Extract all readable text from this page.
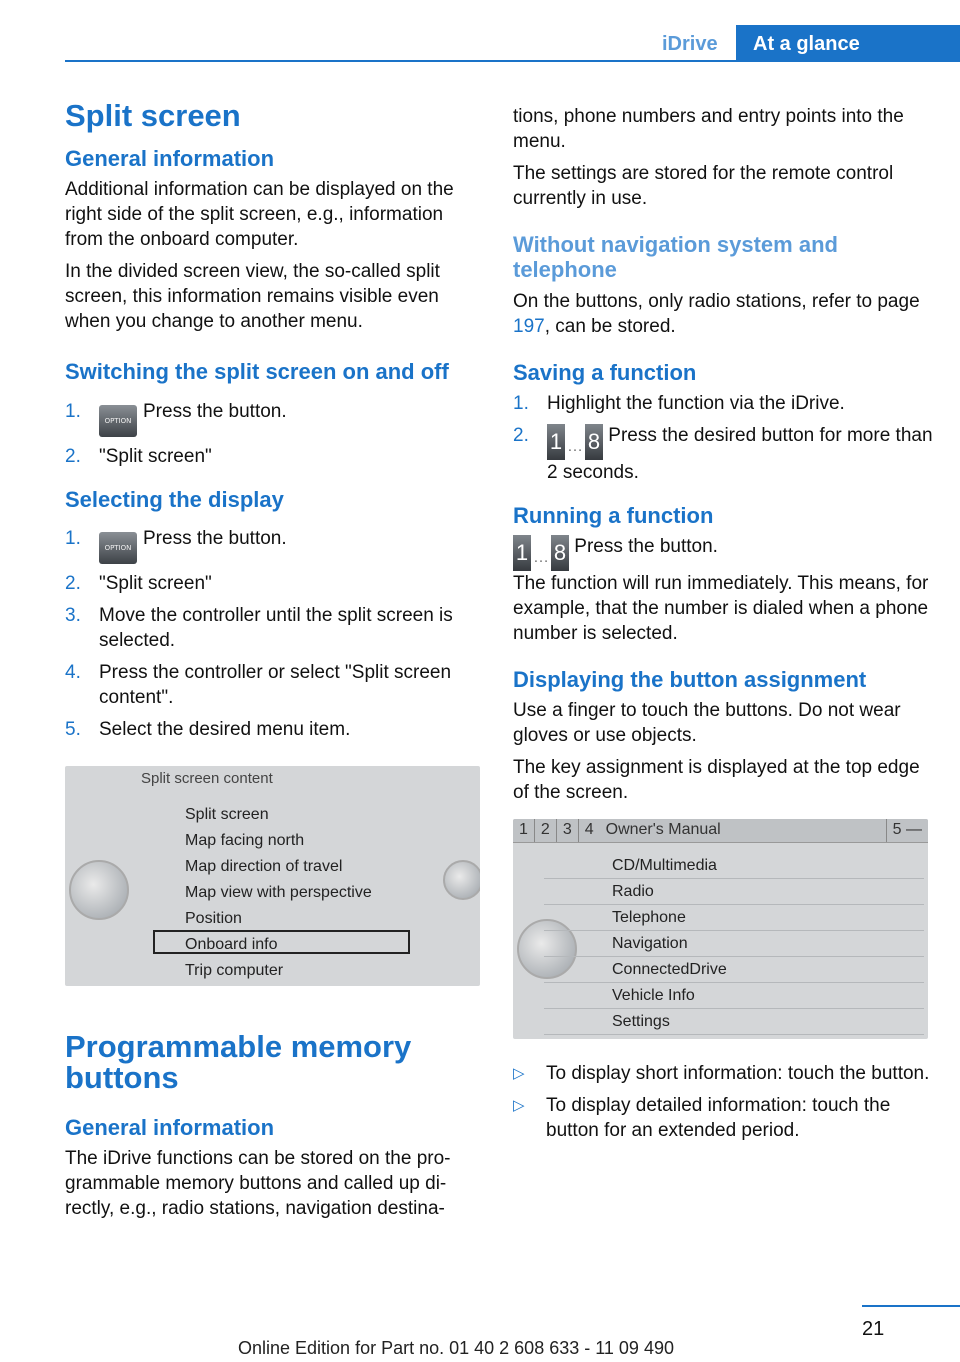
iDrive	At a glance
Split screen
General information

Additional information can be displayed on the right side of the split screen, e.g., information from the onboard computer.

In the divided screen view, the so-called split screen, this information remains visible even when you change to another menu.

Switching the split screen on and off
1.	OPTION Press the button.
2. "Split screen"
Selecting the display
1.	OPTION Press the button.
2. "Split screen"
3. Move the controller until the split screen is selected.
4. Press the controller or select "Split screen content".
5. Select the desired menu item.
Split screen content
Split screen
Map facing north
Map direction of travel
Map view with perspective
Position
Onboard info
Trip computer
Programmable memory buttons
General information

The iDrive functions can be stored on the programmable memory buttons and called up directly, e.g., radio stations, navigation destina-

tions, phone numbers and entry points into the menu.

The settings are stored for the remote control currently in use.

Without navigation system and telephone

On the buttons, only radio stations, refer to page 197, can be stored.

Saving a function
1. Highlight the function via the iDrive.
2. 1 … 8 Press the desired button for more than 2 seconds.
Running a function

1 … 8 Press the button.
The function will run immediately. This means, for example, that the number is dialed when a phone number is selected.

Displaying the button assignment

Use a finger to touch the buttons. Do not wear gloves or use objects.

The key assignment is displayed at the top edge of the screen.

1 2 3 4 Owner's Manual	5 —
CD/Multimedia
Radio
Telephone
Navigation
ConnectedDrive
Vehicle Info
Settings
▷ To display short information: touch the button.
▷ To display detailed information: touch the button for an extended period.
21
Online Edition for Part no. 01 40 2 608 633 - 11 09 490
